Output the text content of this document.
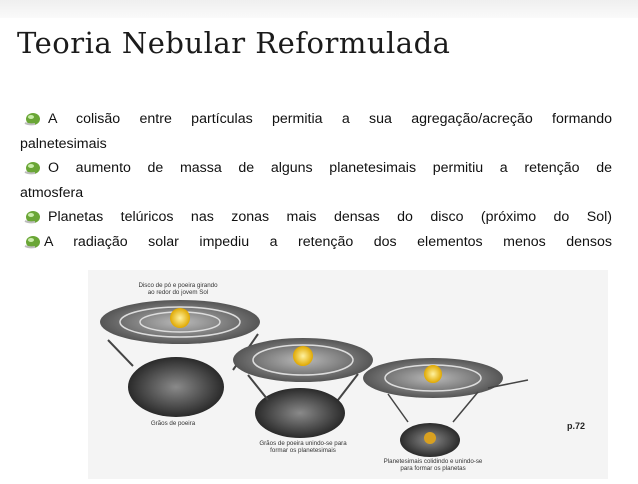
Teoria Nebular Reformulada
A colisão entre partículas permitia a sua agregação/acreção formando
palnetesimais
O aumento de massa de alguns planetesimais permitiu a retenção de
atmosfera
Planetas telúricos nas zonas mais densas do disco (próximo do Sol)
A radiação solar impediu a retenção dos elementos menos densos
Disco de pó e poeira girando
ao redor do jovem Sol
Grãos de poeira
Grãos de poeira unindo-se para
formar os planetesimais
Planetesimais colidindo e unindo-se
para formar os planetas
p.72
